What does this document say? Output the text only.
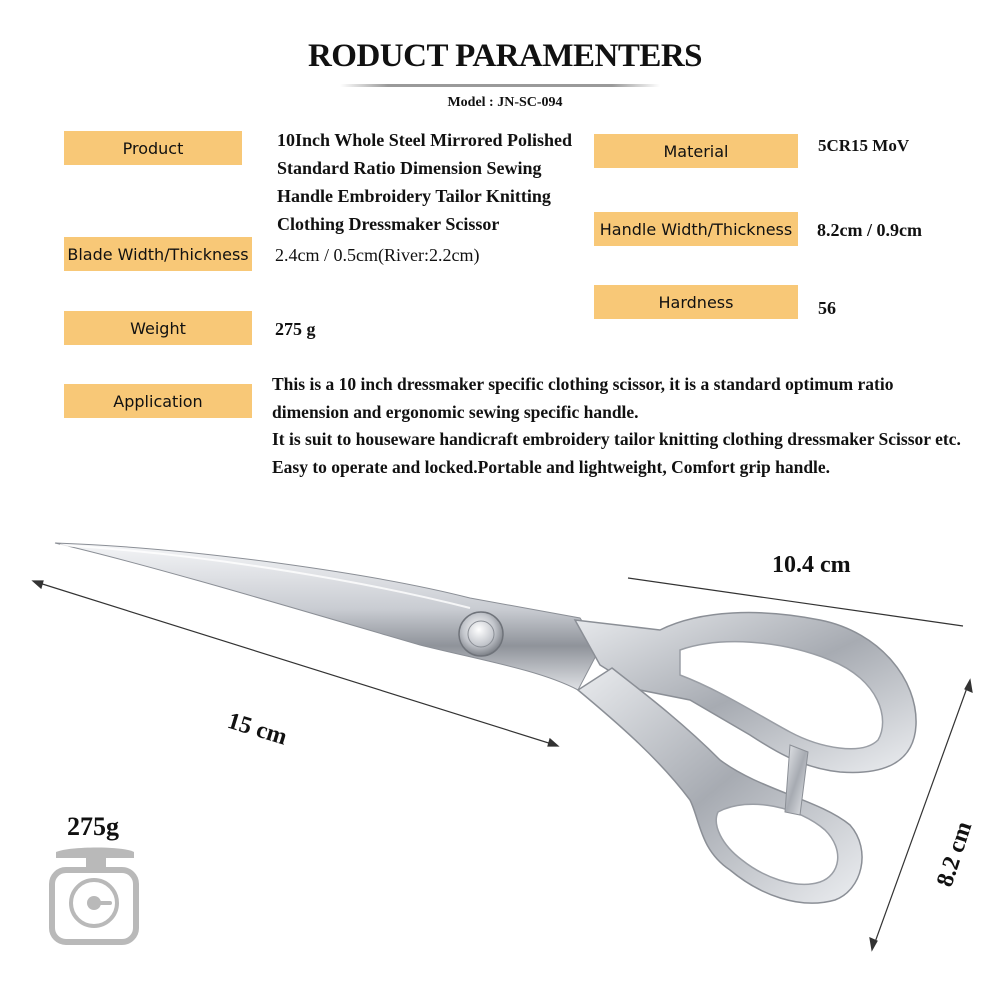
RODUCT PARAMENTERS
Model : JN-SC-094
Product
Blade Width/Thickness
Weight
Application
Material
Handle Width/Thickness
Hardness
10Inch Whole Steel Mirrored Polished
Standard Ratio Dimension Sewing
Handle Embroidery Tailor Knitting
Clothing Dressmaker Scissor
2.4cm / 0.5cm(River:2.2cm)
275 g
5CR15 MoV
8.2cm / 0.9cm
56
This is a 10 inch dressmaker specific clothing scissor, it is a standard optimum ratio
dimension and ergonomic sewing specific handle.
It is suit to houseware handicraft embroidery tailor knitting clothing dressmaker Scissor etc.
Easy to operate and locked.Portable and lightweight, Comfort grip handle.
15 cm
10.4 cm
8.2 cm
275g
